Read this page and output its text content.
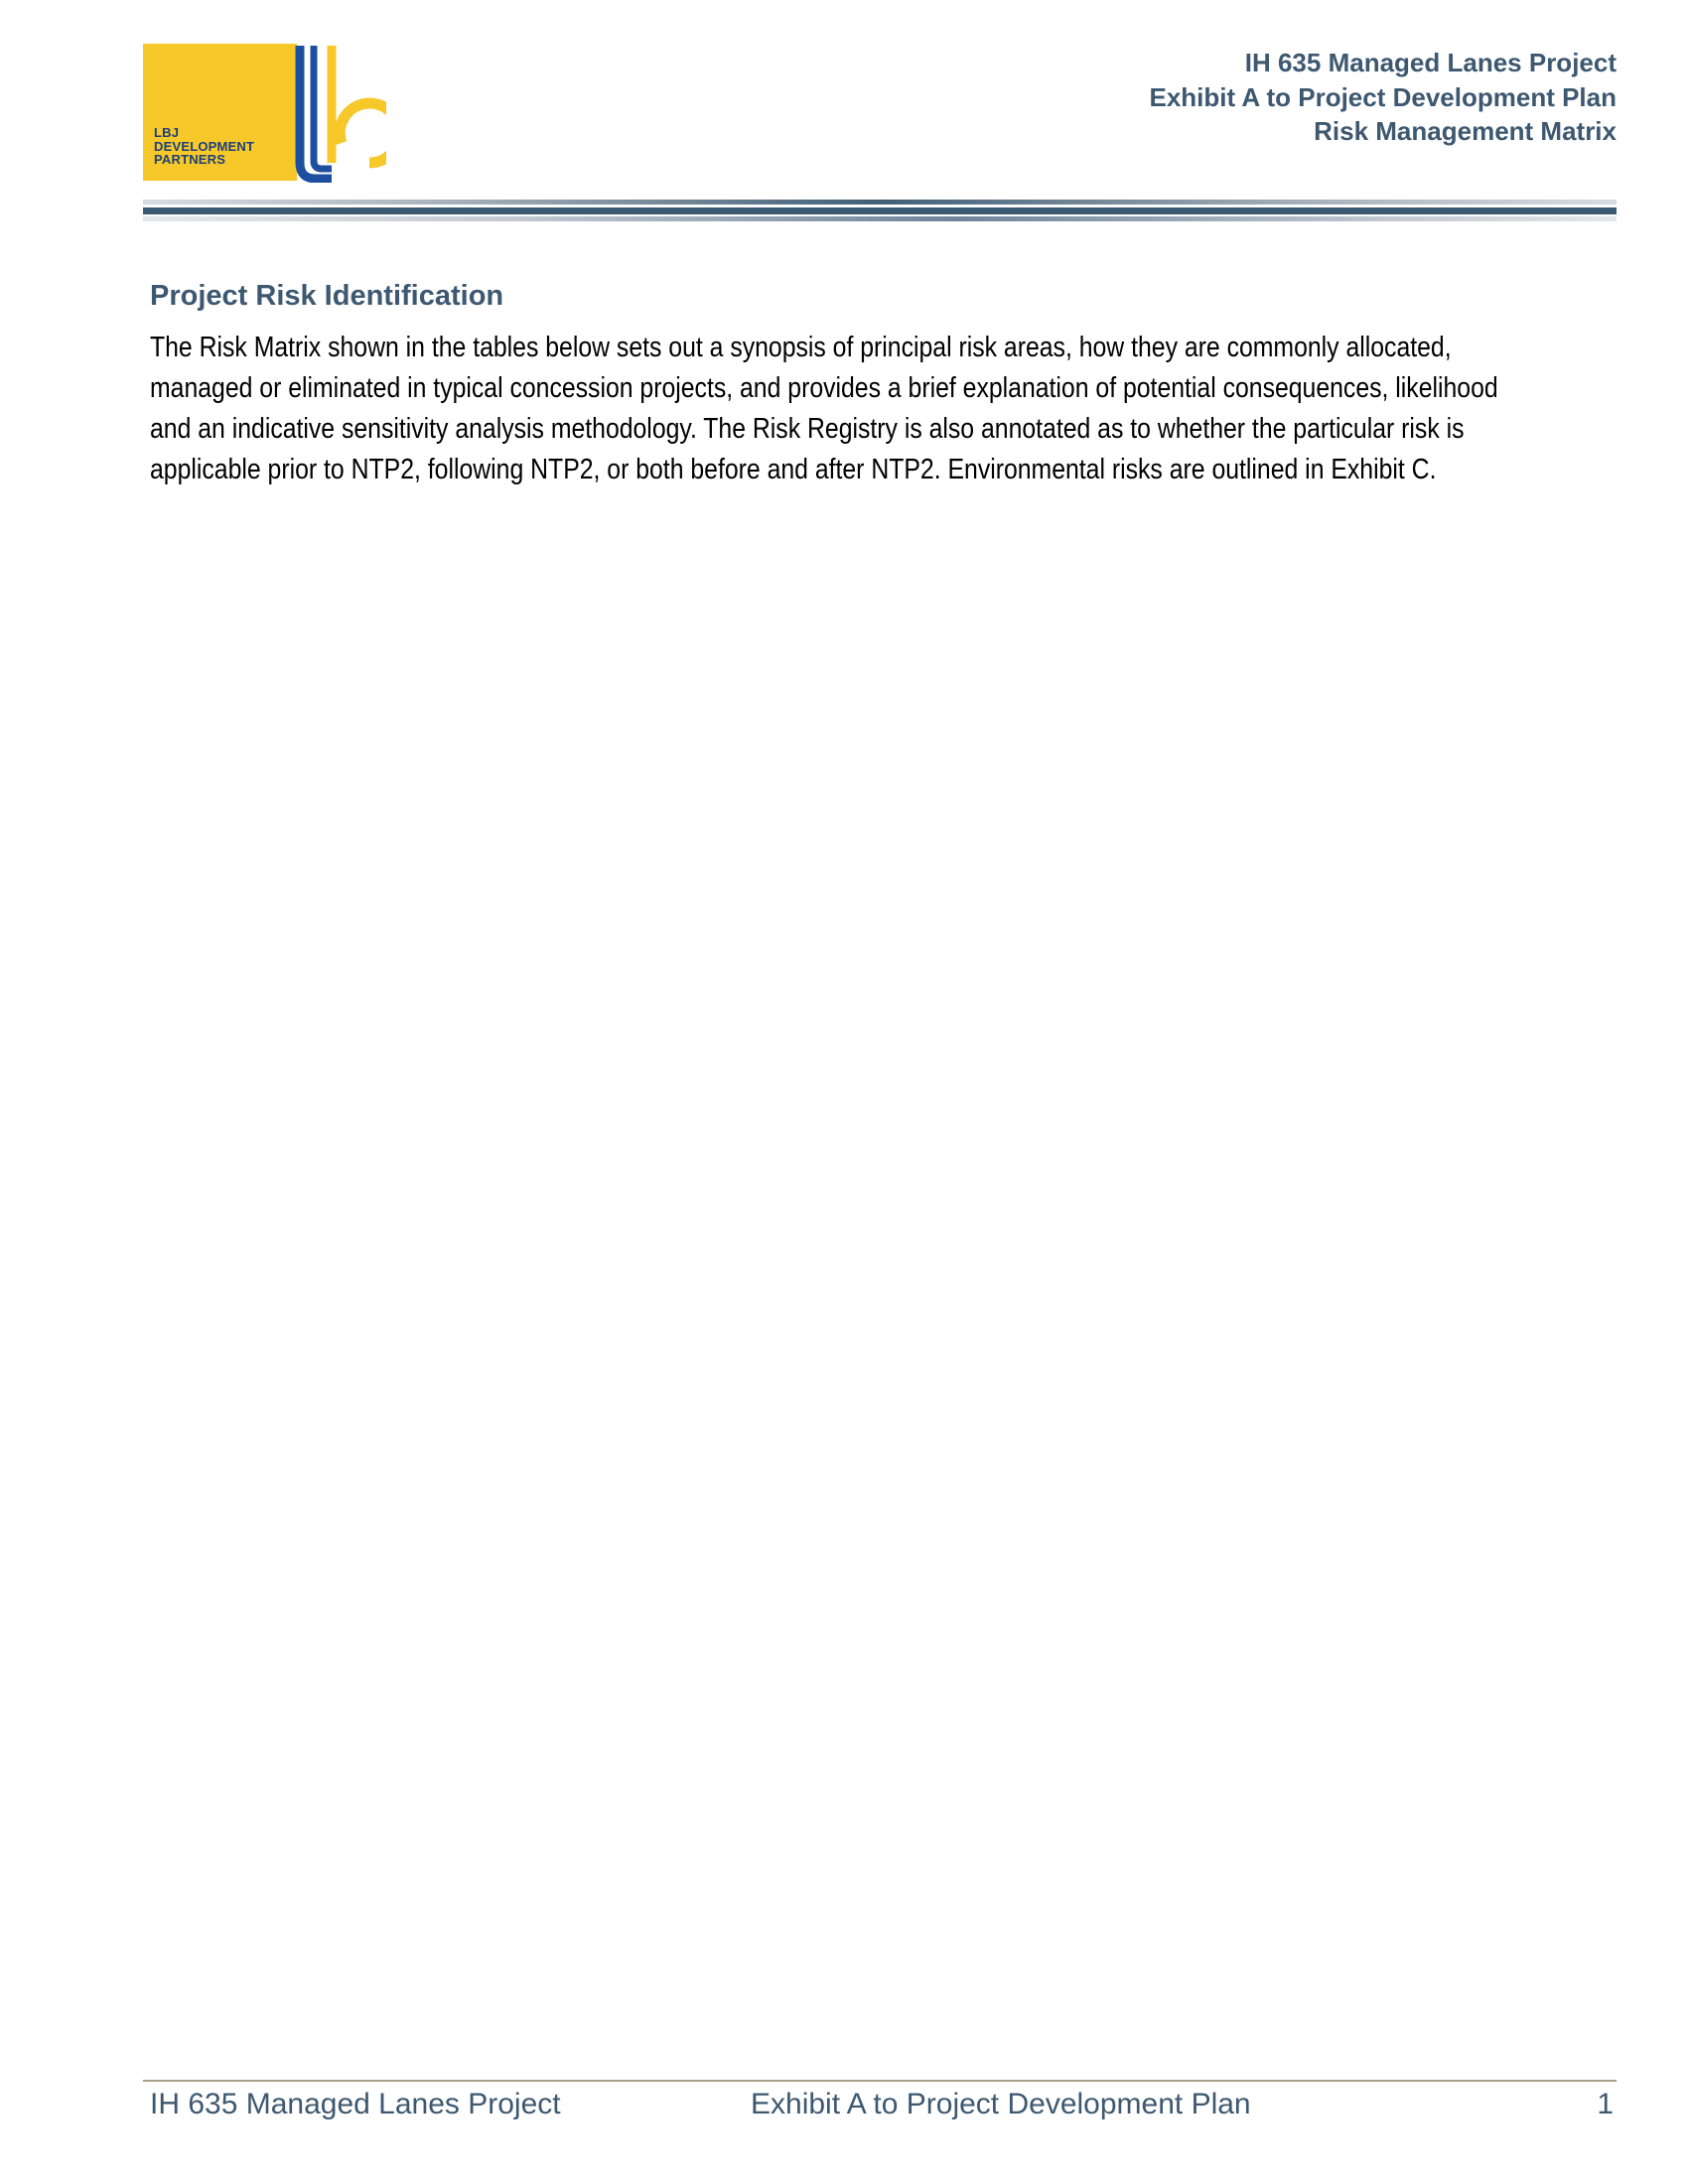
LBJ
DEVELOPMENT
PARTNERS
IH 635 Managed Lanes Project
Exhibit A to Project Development Plan
Risk Management Matrix
Project Risk Identification
The Risk Matrix shown in the tables below sets out a synopsis of principal risk areas, how they are commonly allocated,
managed or eliminated in typical concession projects, and provides a brief explanation of potential consequences, likelihood
and an indicative sensitivity analysis methodology. The Risk Registry is also annotated as to whether the particular risk is
applicable prior to NTP2, following NTP2, or both before and after NTP2. Environmental risks are outlined in Exhibit C.
IH 635 Managed Lanes Project	Exhibit A to Project Development Plan	1
